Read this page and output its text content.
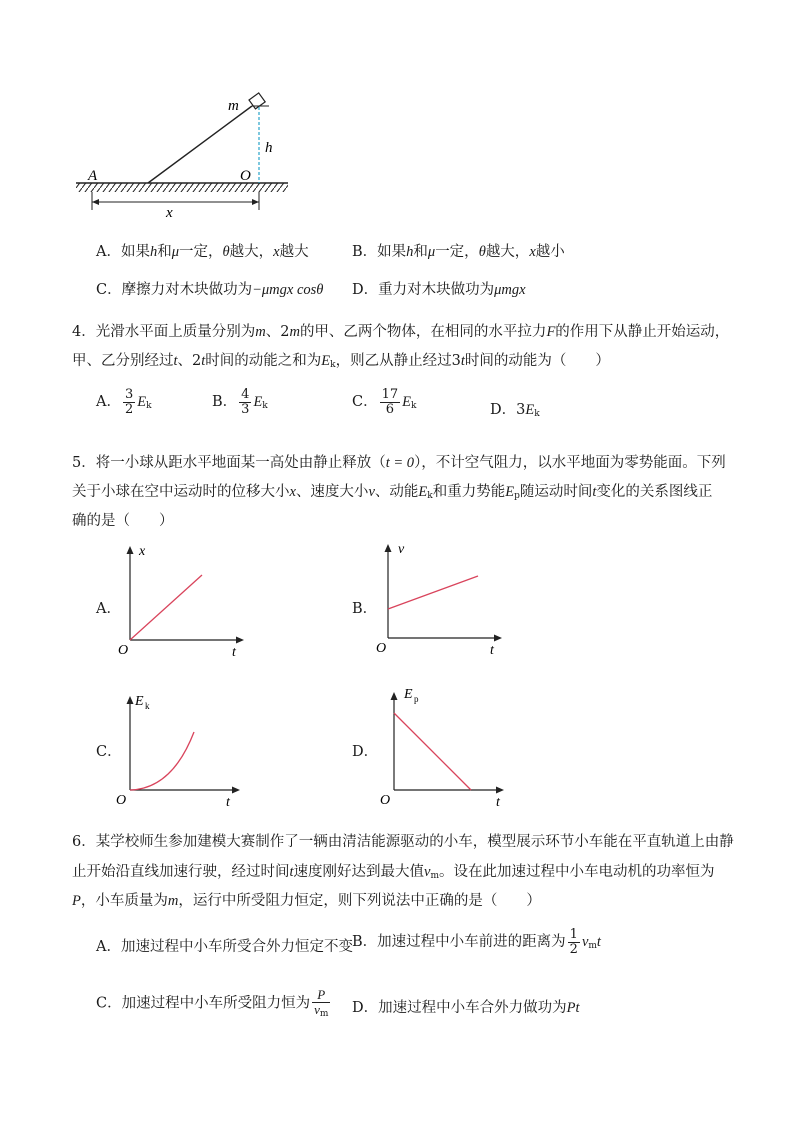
m
h
A	O
x
A．如果h和μ一定，θ越大，x越大	B．如果h和μ一定，θ越大，x越小
C．摩擦力对木块做功为−μmgx cosθ D．重力对木块做功为μmgx
4．光滑水平面上质量分别为m、2m的甲、乙两个物体，在相同的水平拉力F的作用下从静止开始运动，
甲、乙分别经过t、2t时间的动能之和为$E_k$，则乙从静止经过3t时间的动能为（　　）
A． $\frac{3}{2} E_k$	B． $\frac{4}{3} E_k$	C． $\frac{17}{6} E_k$	D．$3E_k$
5．将一小球从距水平地面某一高处由静止释放（t = 0），不计空气阻力，以水平地面为零势能面。下列
关于小球在空中运动时的位移大小x、速度大小v、动能$E_k$和重力势能$E_p$随运动时间t变化的关系图线正
确的是（　　）
A．
x
O	t
B．
v
O	t
C．
E k
O	t
D．
E p
O	t
6．某学校师生参加建模大赛制作了一辆由清洁能源驱动的小车，模型展示环节小车能在平直轨道上由静
止开始沿直线加速行驶，经过时间t速度刚好达到最大值$v_m$。设在此加速过程中小车电动机的功率恒为
P，小车质量为m，运行中所受阻力恒定，则下列说法中正确的是（　　）
A．加速过程中小车所受合外力恒定不变 B．加速过程中小车前进的距离为 $\frac{1}{2} v_mt$
C．加速过程中小车所受阻力恒为 $\frac{P}{v_m}$ D．加速过程中小车合外力做功为Pt
